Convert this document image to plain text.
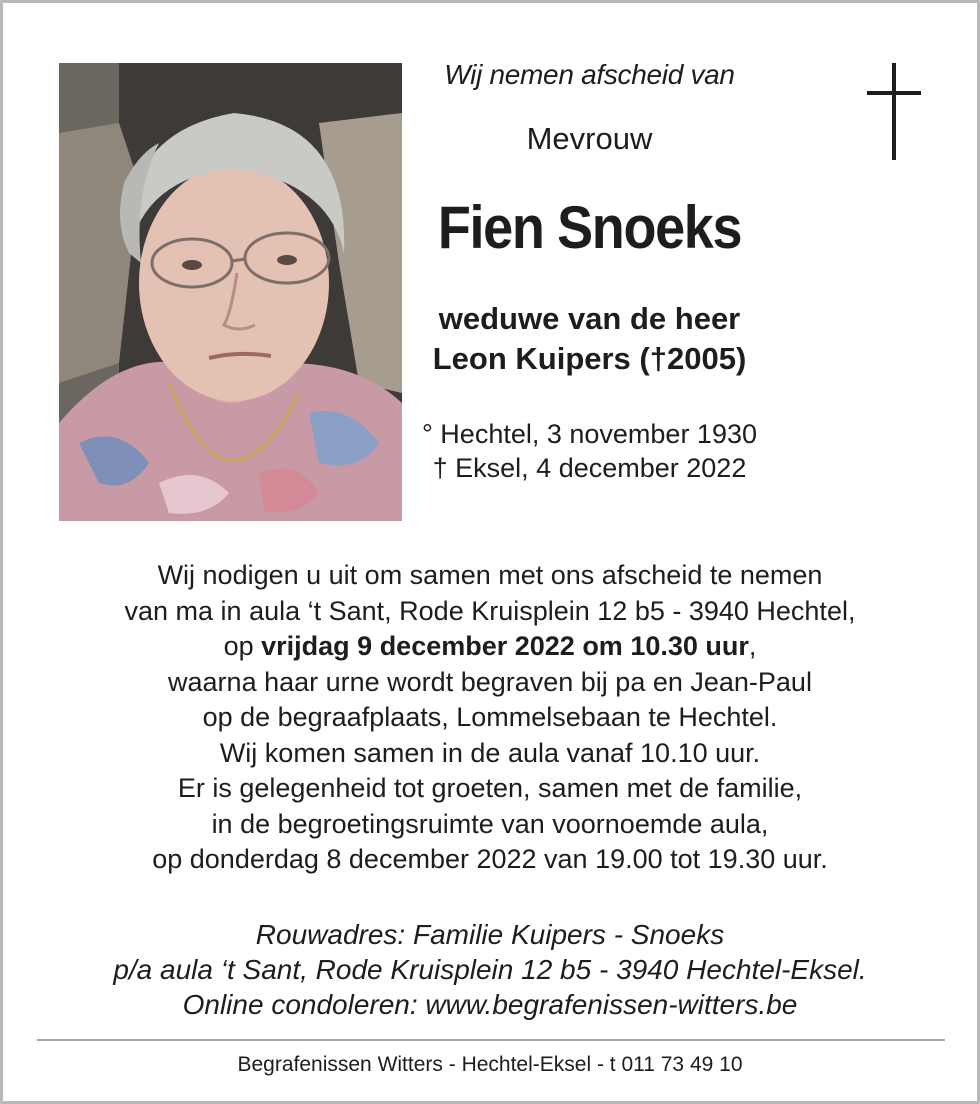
Wij nemen afscheid van
Mevrouw
Fien Snoeks
weduwe van de heer
Leon Kuipers (†2005)
° Hechtel, 3 november 1930
† Eksel, 4 december 2022
Wij nodigen u uit om samen met ons afscheid te nemen
van ma in aula ‘t Sant, Rode Kruisplein 12 b5 - 3940 Hechtel,
op vrijdag 9 december 2022 om 10.30 uur,
waarna haar urne wordt begraven bij pa en Jean-Paul
op de begraafplaats, Lommelsebaan te Hechtel.
Wij komen samen in de aula vanaf 10.10 uur.
Er is gelegenheid tot groeten, samen met de familie,
in de begroetingsruimte van voornoemde aula,
op donderdag 8 december 2022 van 19.00 tot 19.30 uur.
Rouwadres: Familie Kuipers - Snoeks
p/a aula ‘t Sant, Rode Kruisplein 12 b5 - 3940 Hechtel-Eksel.
Online condoleren: www.begrafenissen-witters.be
Begrafenissen Witters - Hechtel-Eksel - t 011 73 49 10
